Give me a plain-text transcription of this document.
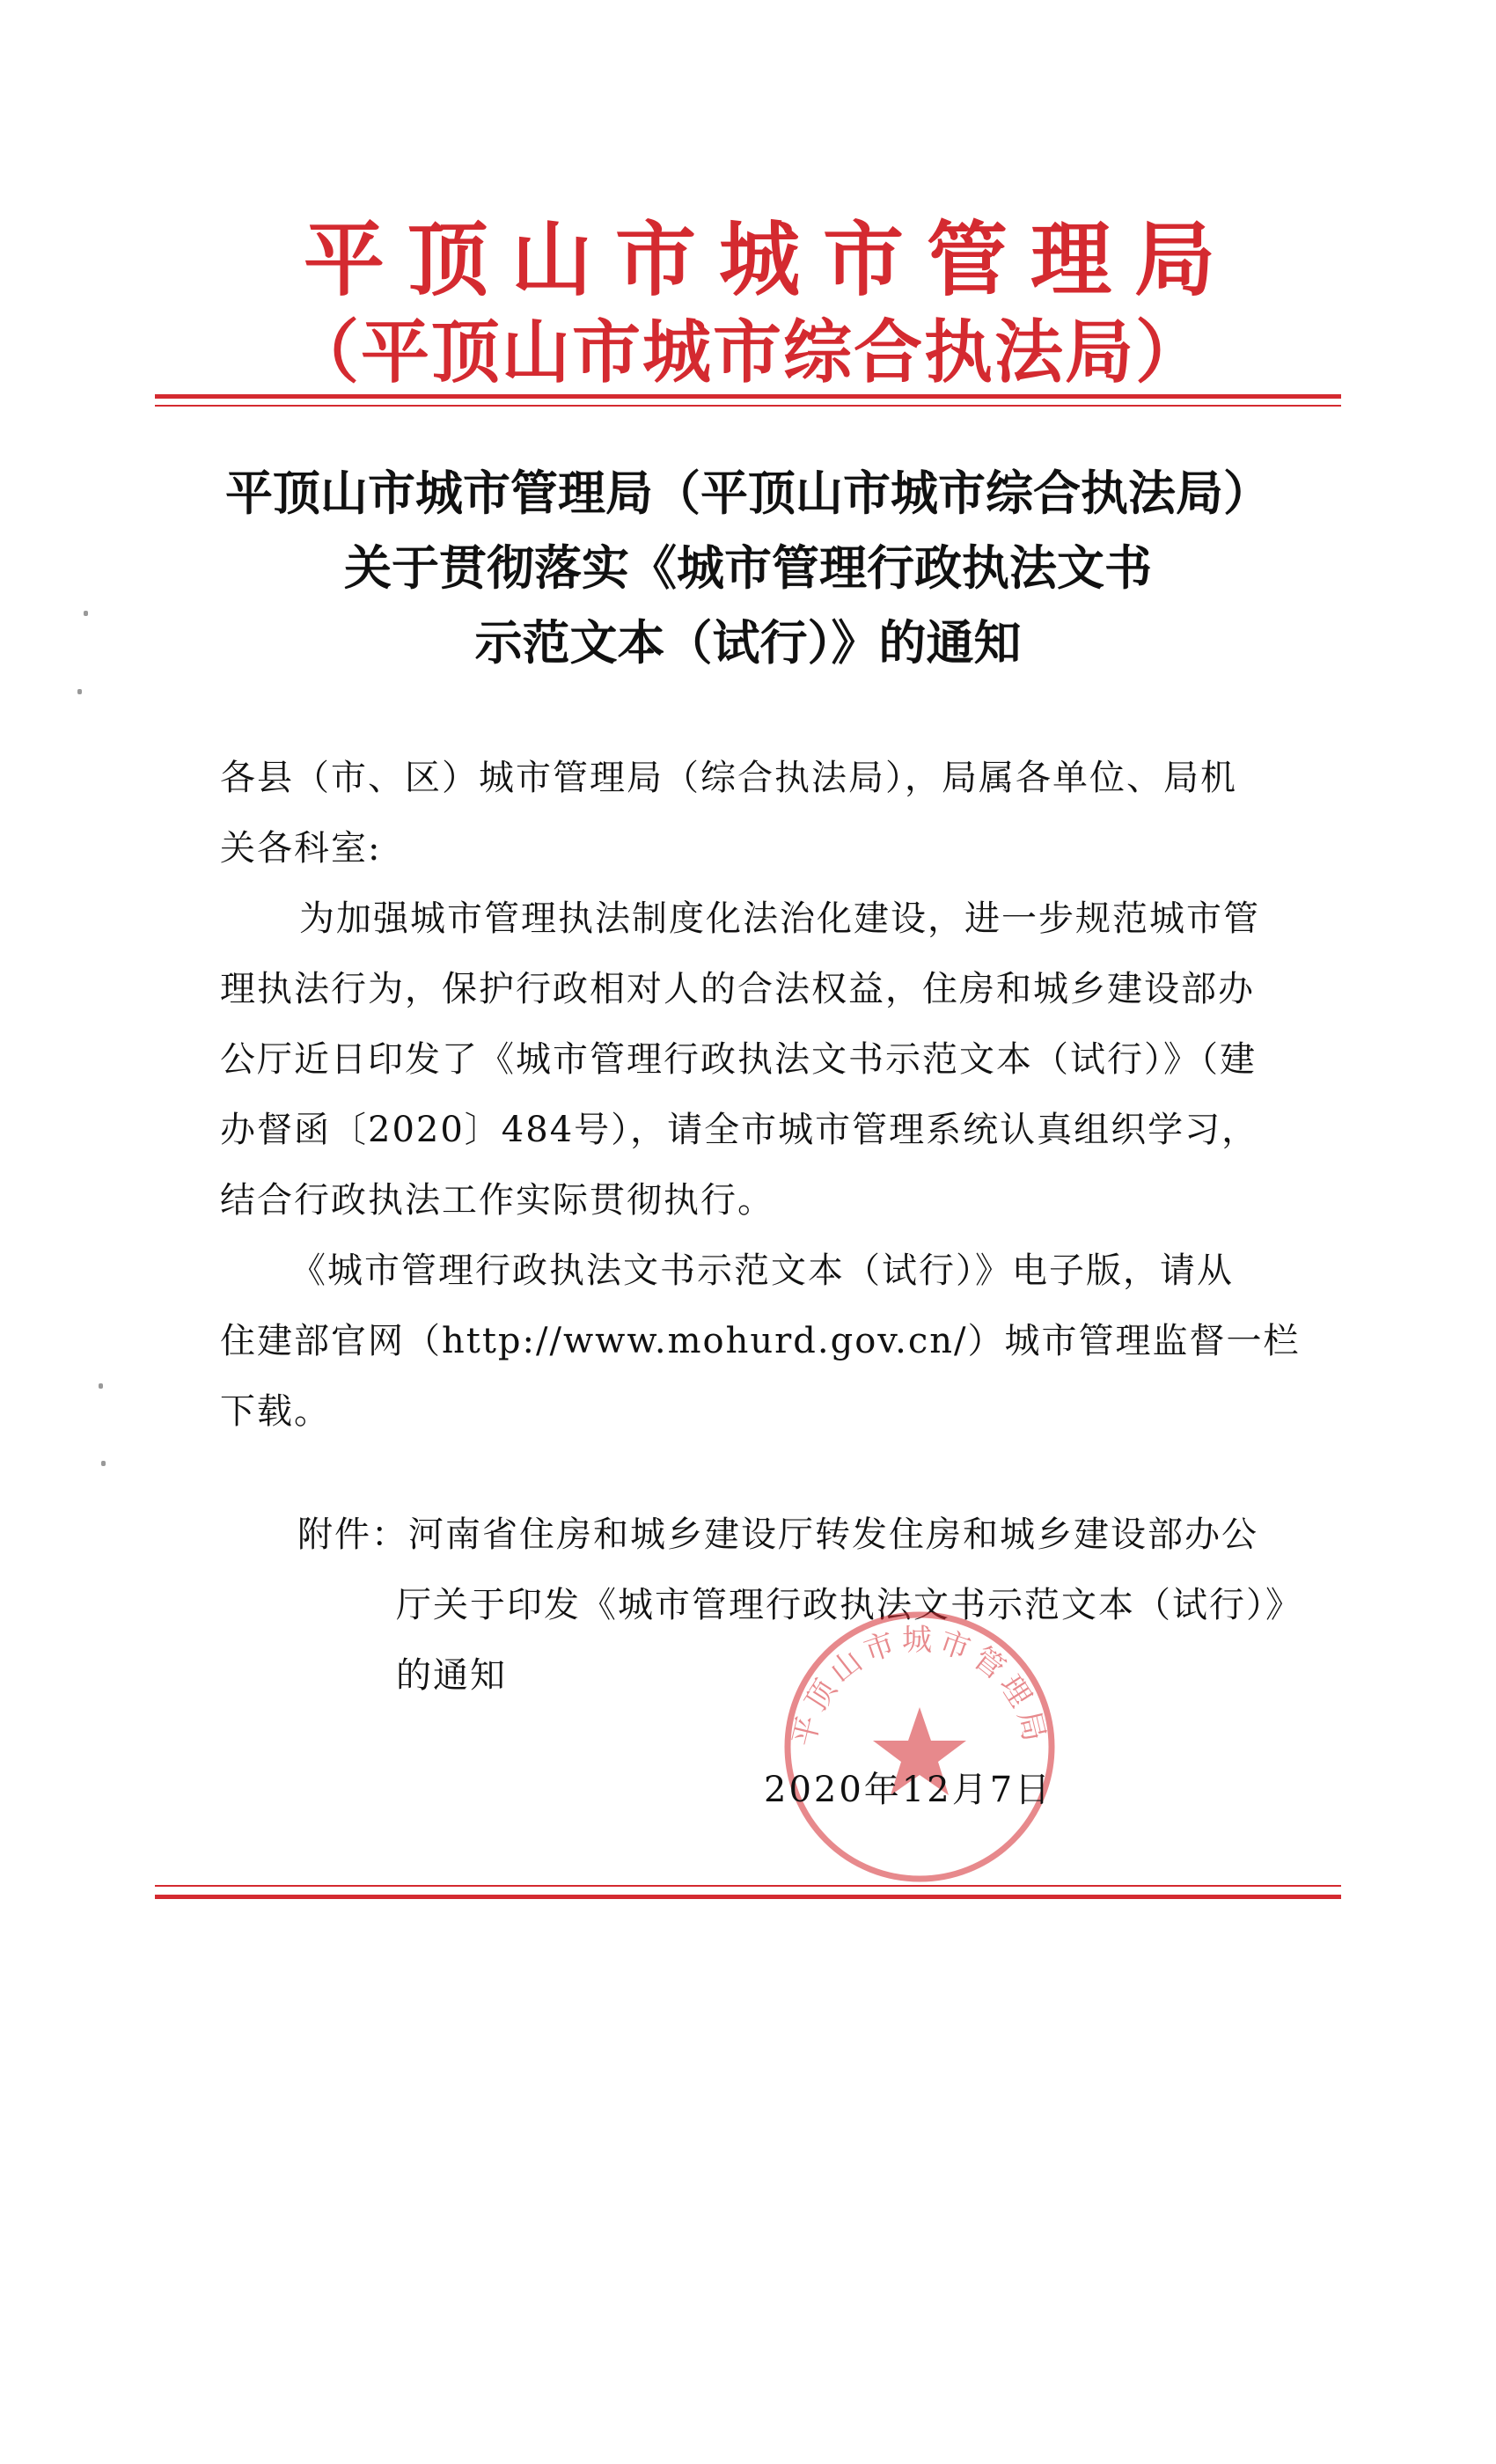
平顶山市城市管理局
（平顶山市城市综合执法局）
平顶山市城市管理局（平顶山市城市综合执法局）
关于贯彻落实《城市管理行政执法文书
示范文本（试行）》的通知
各县（市、区）城市管理局（综合执法局），局属各单位、局机
关各科室:
为加强城市管理执法制度化法治化建设，进一步规范城市管
理执法行为，保护行政相对人的合法权益，住房和城乡建设部办
公厅近日印发了《城市管理行政执法文书示范文本（试行）》（建
办督函〔2020〕484号），请全市城市管理系统认真组织学习，
结合行政执法工作实际贯彻执行。
《城市管理行政执法文书示范文本（试行）》电子版，请从
住建部官网（http://www.mohurd.gov.cn/）城市管理监督一栏
下载。
附件：河南省住房和城乡建设厅转发住房和城乡建设部办公
厅关于印发《城市管理行政执法文书示范文本（试行）》
的通知
平顶山市城市管理局
2020年12月7日
